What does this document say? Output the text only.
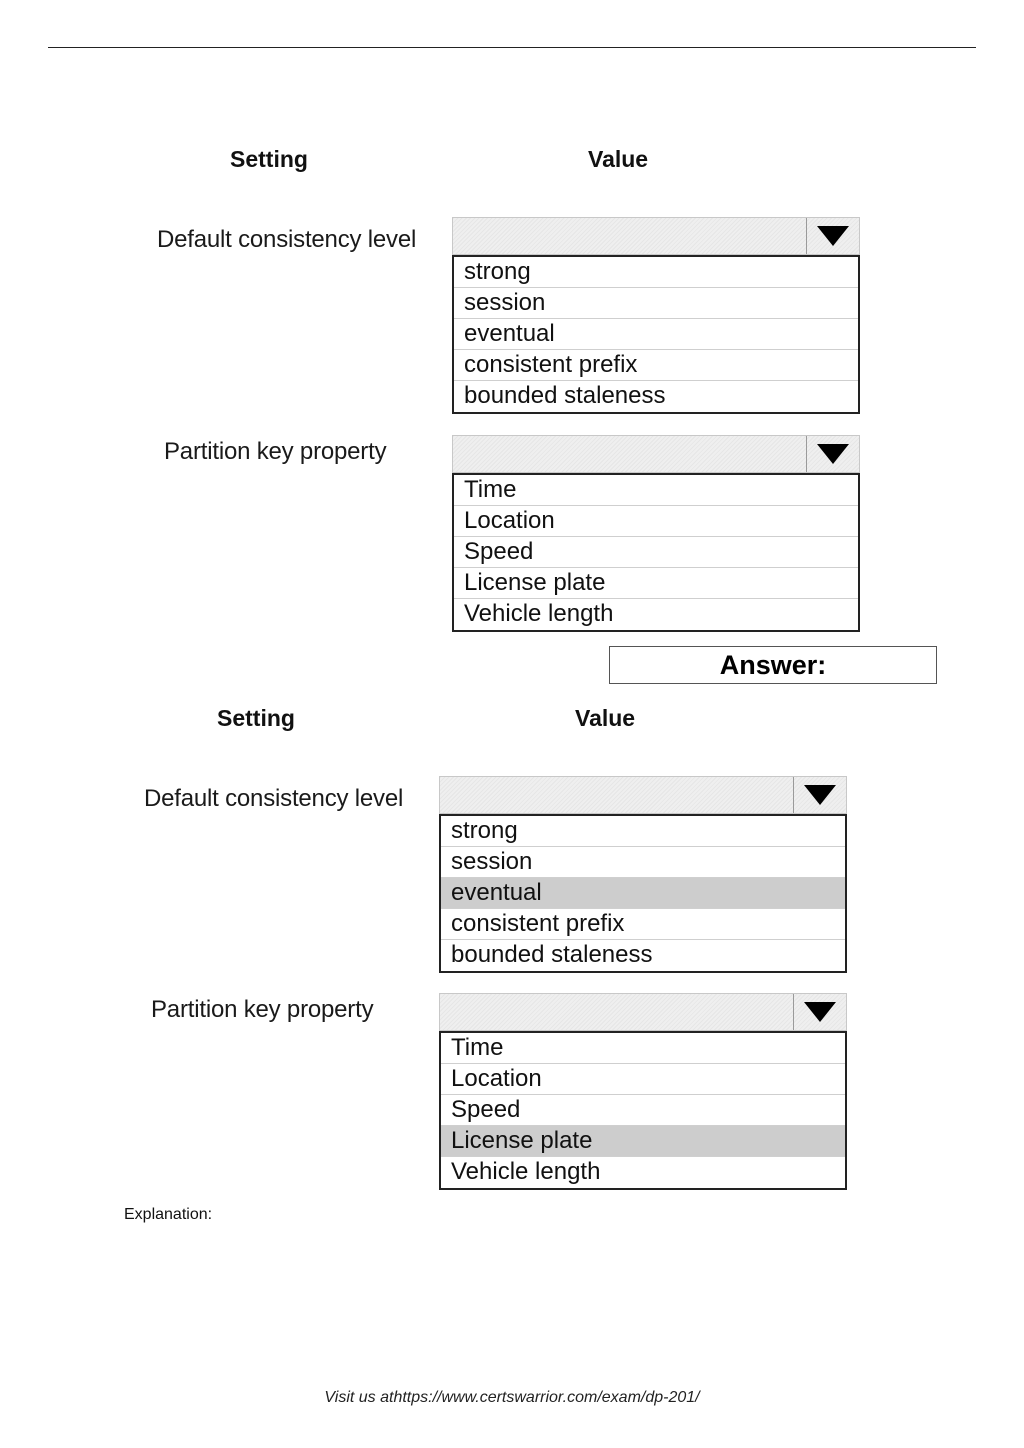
Setting	Value
Default consistency level
strong
session
eventual
consistent prefix
bounded staleness
Partition key property
Time
Location
Speed
License plate
Vehicle length
Answer:
Setting	Value
Default consistency level
strong
session
eventual
consistent prefix
bounded staleness
Partition key property
Time
Location
Speed
License plate
Vehicle length
Explanation:
Visit us athttps://www.certswarrior.com/exam/dp-201/
